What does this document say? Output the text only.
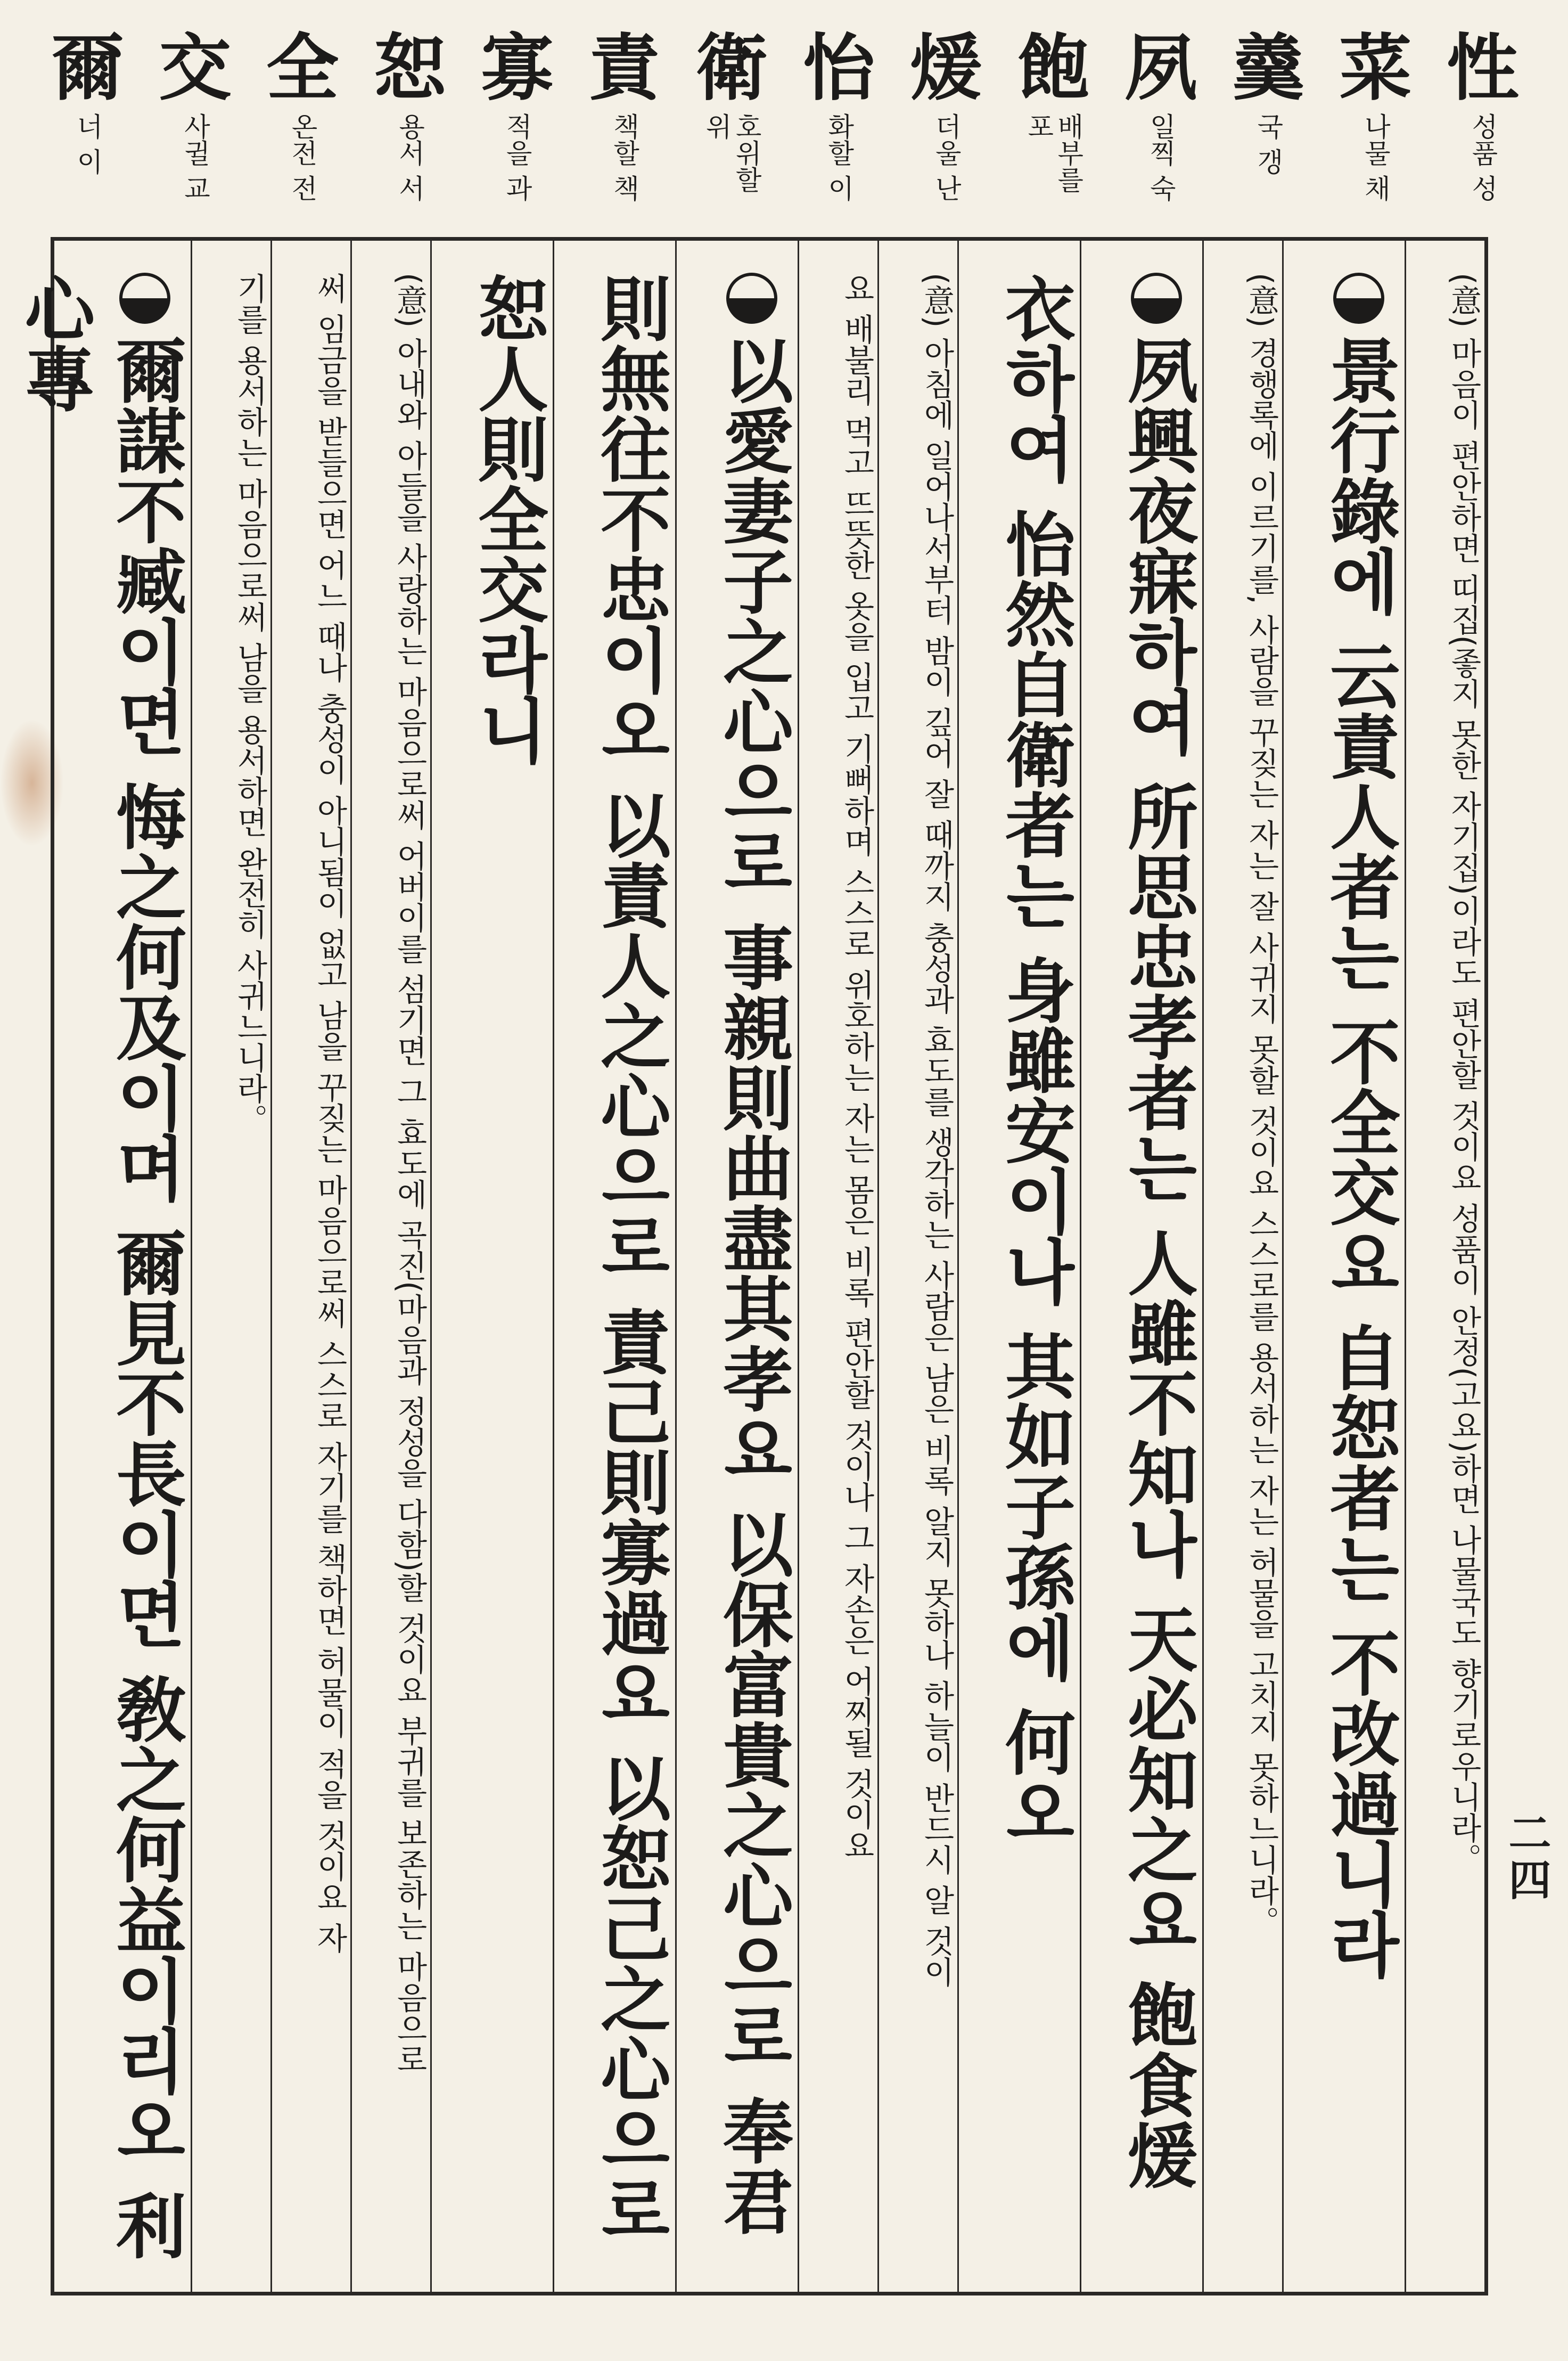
性
성품 성
菜
나물 채
羹
국 갱
夙
일찍 숙
飽
배부를 포
煖
더울 난
怡
화할 이
衛
호위할 위
責
책할 책
寡
적을 과
恕
용서 서
全
온전 전
交
사귈 교
爾
너 이
二四
(意) 마음이 편안하면 띠집(좋지 못한 자기집)이라도 편안할 것이요 성품이 안정(고요)하면 나물국도 향기로우니라。
景行錄에 云責人者는 不全交요 自恕者는 不改過니라
(意) 경행록에 이르기를, 사람을 꾸짖는 자는 잘 사귀지 못할 것이요 스스로를 용서하는 자는 허물을 고치지 못하느니라。
夙興夜寐하여 所思忠孝者는 人雖不知나 天必知之요 飽食煖
衣하여 怡然自衛者는 身雖安이나 其如子孫에 何오
(意) 아침에 일어나서부터 밤이 깊어 잘 때까지 충성과 효도를 생각하는 사람은 남은 비록 알지 못하나 하늘이 반드시 알 것이
요 배불리 먹고 뜨뜻한 옷을 입고 기뻐하며 스스로 위호하는 자는 몸은 비록 편안할 것이나 그 자손은 어찌될 것이요
以愛妻子之心으로 事親則曲盡其孝요 以保富貴之心으로 奉君
則無往不忠이오 以責人之心으로 責己則寡過요 以恕己之心으로
恕人則全交라니
(意) 아내와 아들을 사랑하는 마음으로써 어버이를 섬기면 그 효도에 곡진(마음과 정성을 다함)할 것이요 부귀를 보존하는 마음으로
써 임금을 받들으면 어느 때나 충성이 아니됨이 없고 남을 꾸짖는 마음으로써 스스로 자기를 책하면 허물이 적을 것이요 자
기를 용서하는 마음으로써 남을 용서하면 완전히 사귀느니라。
爾謀不臧이면 悔之何及이며 爾見不長이면 敎之何益이리오 利心專
